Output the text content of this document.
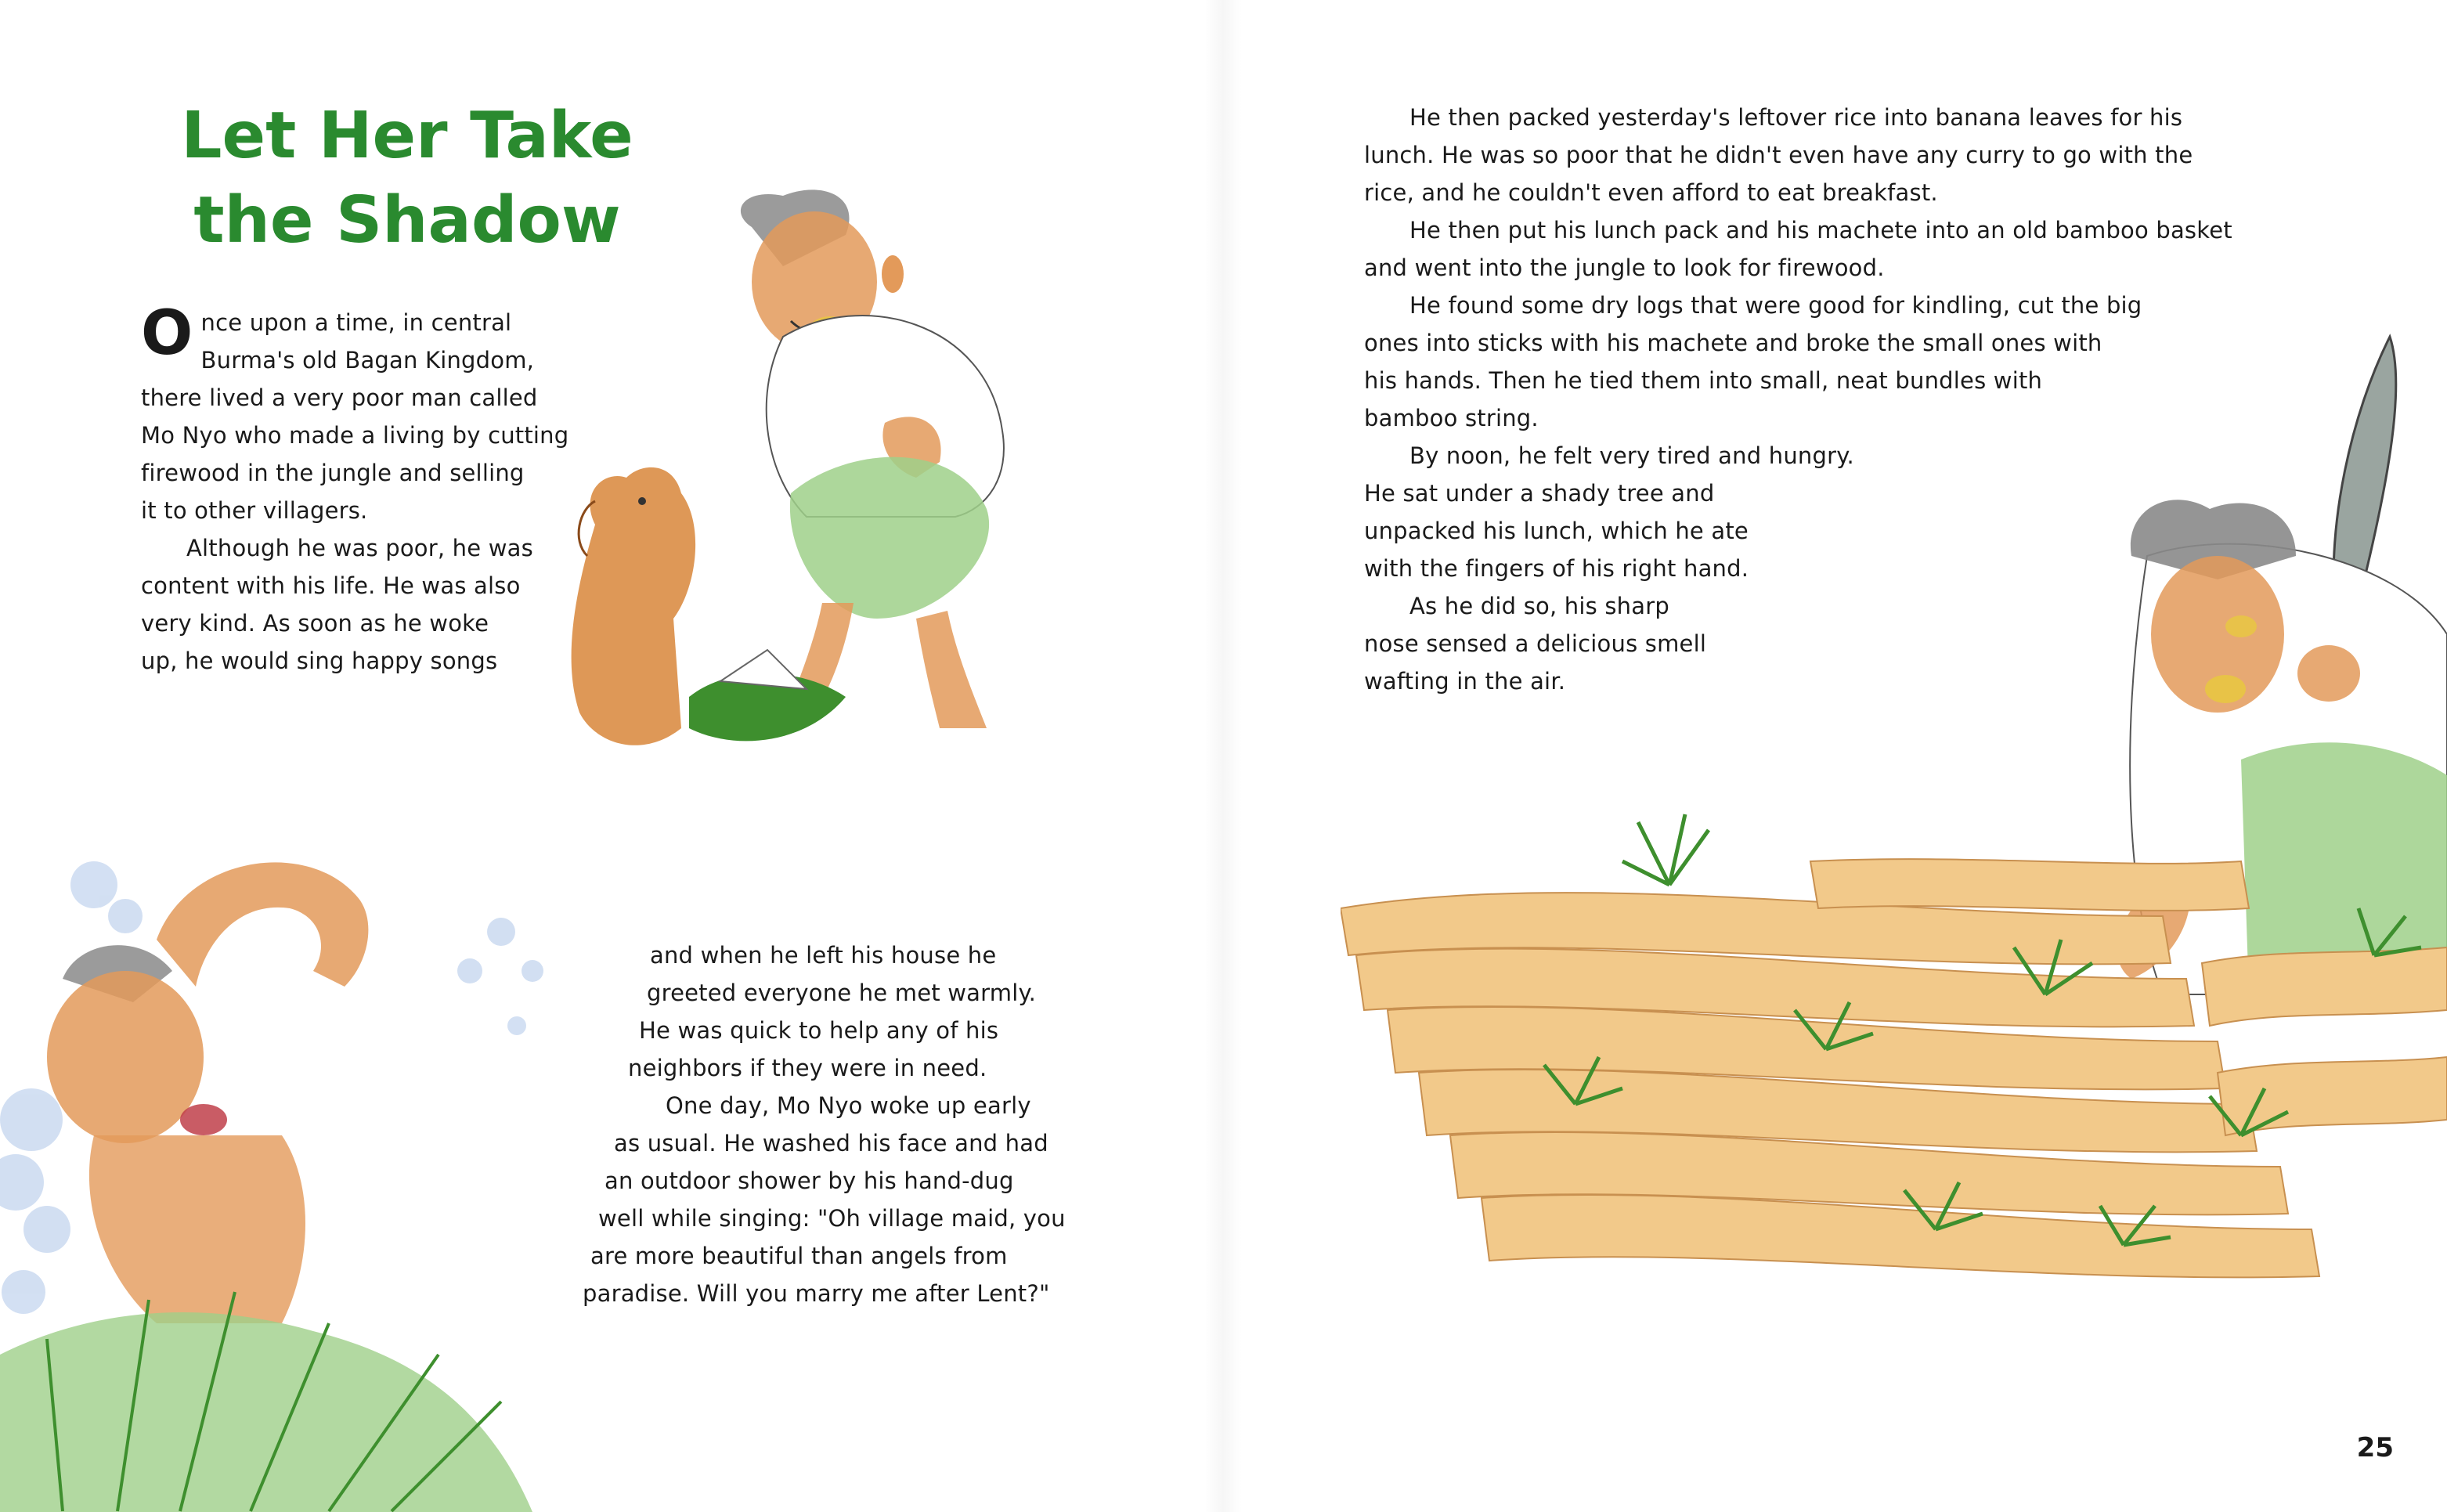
Let Her Take
the Shadow
O nce upon a time, in central

Burma's old Bagan Kingdom,

there lived a very poor man called

Mo Nyo who made a living by cutting

firewood in the jungle and selling

it to other villagers.

Although he was poor, he was

content with his life. He was also

very kind. As soon as he woke

up, he would sing happy songs

and when he left his house he

greeted everyone he met warmly.

He was quick to help any of his

neighbors if they were in need.

One day, Mo Nyo woke up early

as usual. He washed his face and had

an outdoor shower by his hand-dug

well while singing: "Oh village maid, you

are more beautiful than angels from

paradise. Will you marry me after Lent?"

He then packed yesterday's leftover rice into banana leaves for his

lunch. He was so poor that he didn't even have any curry to go with the

rice, and he couldn't even afford to eat breakfast.

He then put his lunch pack and his machete into an old bamboo basket

and went into the jungle to look for firewood.

He found some dry logs that were good for kindling, cut the big

ones into sticks with his machete and broke the small ones with

his hands. Then he tied them into small, neat bundles with

bamboo string.

By noon, he felt very tired and hungry.

He sat under a shady tree and

unpacked his lunch, which he ate

with the fingers of his right hand.

As he did so, his sharp

nose sensed a delicious smell

wafting in the air.

25
